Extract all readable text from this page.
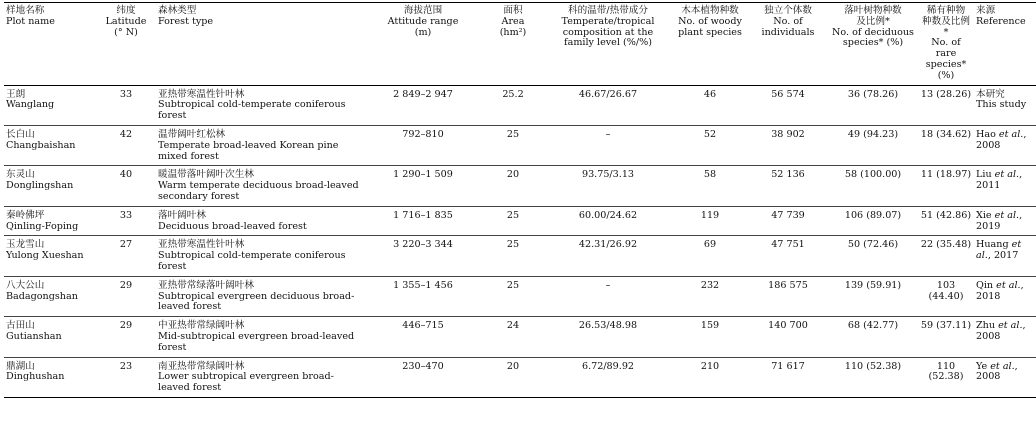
样地名称
Plot name	纬度
Latitude
(° N)	森林类型
Forest type	海拔范围
Attitude range
(m)	面积
Area
(hm²)	科的温带/热带成分
Temperate/tropical
composition at the
family level (%/%)	木本植物种数
No. of woody
plant species	独立个体数
No. of
individuals	落叶树物种数
及比例*
No. of deciduous
species* (%)	稀有种物
种数及比例*
No. of rare
species* (%)	来源
Reference

王朗
Wanglang	33	亚热带寒温性针叶林
Subtropical cold-temperate coniferous forest	2 849–2 947	25.2	46.67/26.67	46	56 574	36 (78.26)	13 (28.26)	本研究
This study

长白山
Changbaishan	42	温带阔叶红松林
Temperate broad-leaved Korean pine mixed forest	792–810	25	–	52	38 902	49 (94.23)	18 (34.62)	Hao et al., 2008

东灵山
Donglingshan	40	暖温带落叶阔叶次生林
Warm temperate deciduous broad-leaved secondary forest	1 290–1 509	20	93.75/3.13	58	52 136	58 (100.00)	11 (18.97)	Liu et al., 2011

秦岭佛坪
Qinling-Foping	33	落叶阔叶林
Deciduous broad-leaved forest	1 716–1 835	25	60.00/24.62	119	47 739	106 (89.07)	51 (42.86)	Xie et al., 2019

玉龙雪山
Yulong Xueshan	27	亚热带寒温性针叶林
Subtropical cold-temperate coniferous forest	3 220–3 344	25	42.31/26.92	69	47 751	50 (72.46)	22 (35.48)	Huang et al., 2017

八大公山
Badagongshan	29	亚热带常绿落叶阔叶林
Subtropical evergreen deciduous broad-leaved forest	1 355–1 456	25	–	232	186 575	139 (59.91)	103 (44.40)	Qin et al., 2018

古田山
Gutianshan	29	中亚热带常绿阔叶林
Mid-subtropical evergreen broad-leaved forest	446–715	24	26.53/48.98	159	140 700	68 (42.77)	59 (37.11)	Zhu et al., 2008

鼎湖山
Dinghushan	23	南亚热带常绿阔叶林
Lower subtropical evergreen broad-leaved forest	230–470	20	6.72/89.92	210	71 617	110 (52.38)	110 (52.38)	Ye et al., 2008
